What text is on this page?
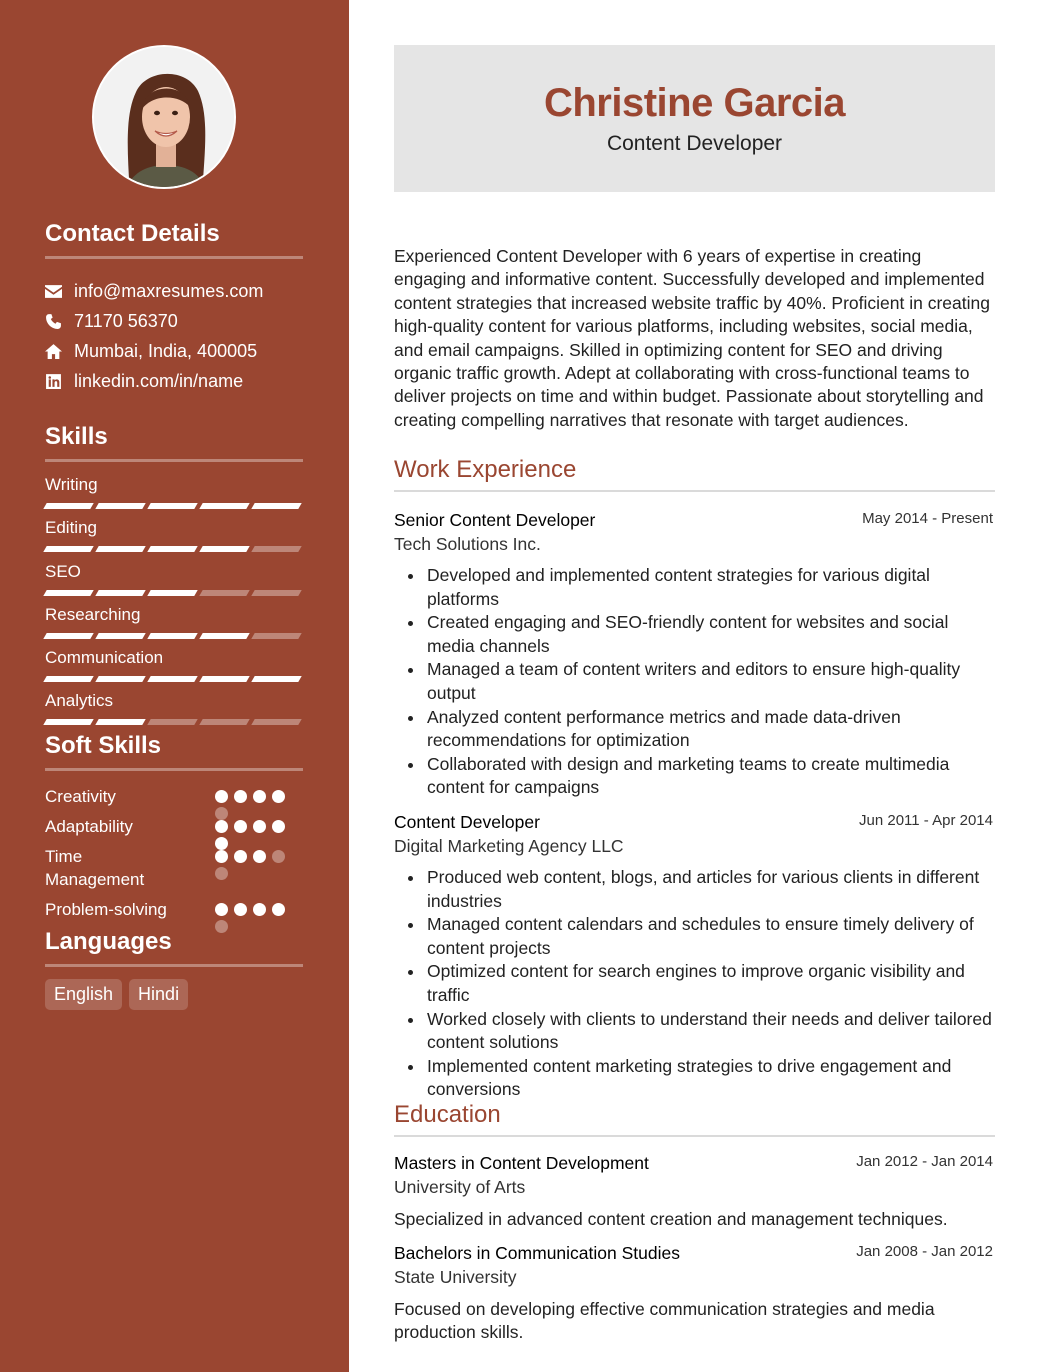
Contact Details
info@maxresumes.com
71170 56370
Mumbai, India, 400005
linkedin.com/in/name
Skills
Writing
Editing
SEO
Researching
Communication
Analytics
Soft Skills
Creativity
Adaptability
Time Management
Problem-solving
Languages
English	Hindi
Christine Garcia
Content Developer

Experienced Content Developer with 6 years of expertise in creating engaging and informative content. Successfully developed and implemented content strategies that increased website traffic by 40%. Proficient in creating high-quality content for various platforms, including websites, social media, and email campaigns. Skilled in optimizing content for SEO and driving organic traffic growth. Adept at collaborating with cross-functional teams to deliver projects on time and within budget. Passionate about storytelling and creating compelling narratives that resonate with target audiences.

Work Experience
Senior Content Developer	May 2014 - Present
Tech Solutions Inc.
Developed and implemented content strategies for various digital platforms
Created engaging and SEO-friendly content for websites and social media channels
Managed a team of content writers and editors to ensure high-quality output
Analyzed content performance metrics and made data-driven recommendations for optimization
Collaborated with design and marketing teams to create multimedia content for campaigns
Content Developer	Jun 2011 - Apr 2014
Digital Marketing Agency LLC
Produced web content, blogs, and articles for various clients in different industries
Managed content calendars and schedules to ensure timely delivery of content projects
Optimized content for search engines to improve organic visibility and traffic
Worked closely with clients to understand their needs and deliver tailored content solutions
Implemented content marketing strategies to drive engagement and conversions
Education
Masters in Content Development	Jan 2012 - Jan 2014
University of Arts
Specialized in advanced content creation and management techniques.
Bachelors in Communication Studies	Jan 2008 - Jan 2012
State University
Focused on developing effective communication strategies and media production skills.
